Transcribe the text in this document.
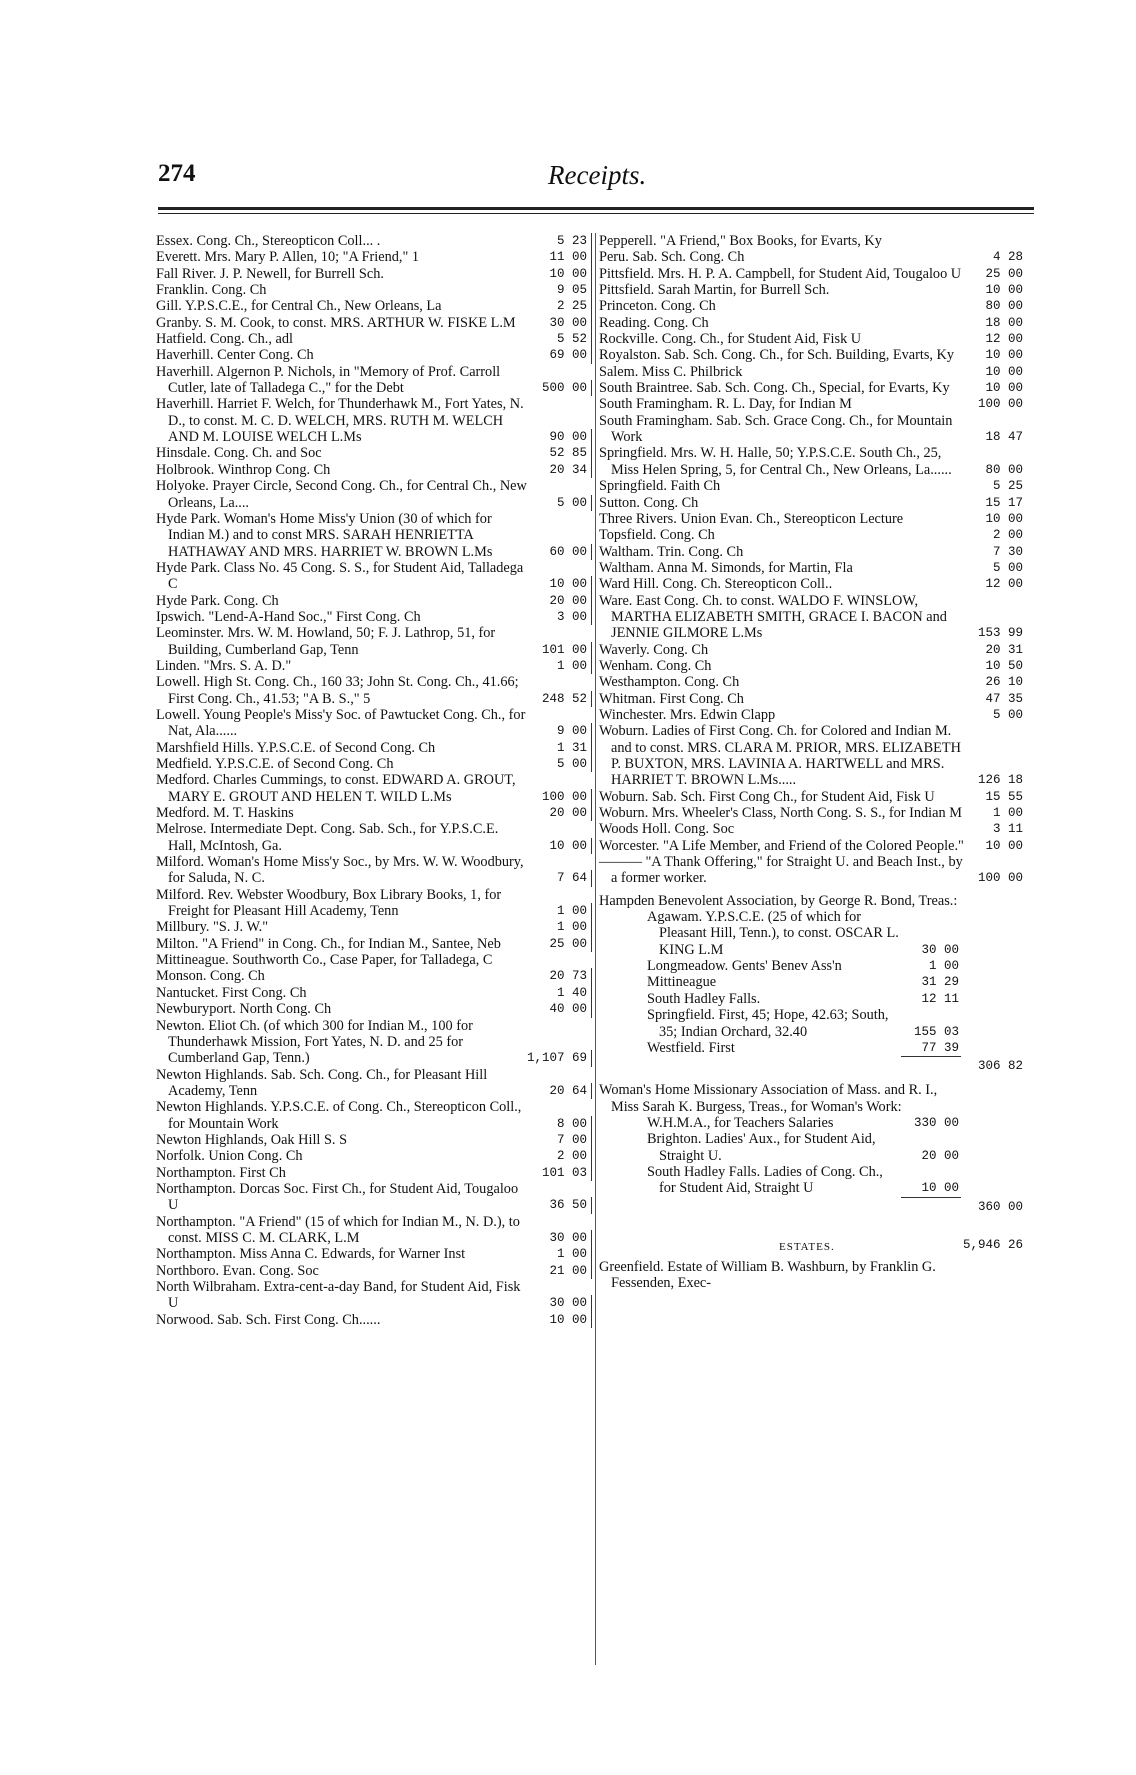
274	Receipts.
Essex. Cong. Ch., Stereopticon Coll... .	5 23
Everett. Mrs. Mary P. Allen, 10; "A Friend," 1	11 00
Fall River. J. P. Newell, for Burrell Sch.	10 00
Franklin. Cong. Ch	9 05
Gill. Y.P.S.C.E., for Central Ch., New Orleans, La	2 25
Granby. S. M. Cook, to const. MRS. ARTHUR W. FISKE L.M	30 00
Hatfield. Cong. Ch., adl	5 52
Haverhill. Center Cong. Ch	69 00
Haverhill. Algernon P. Nichols, in "Memory of Prof. Carroll Cutler, late of Talladega C.," for the Debt	500 00
Haverhill. Harriet F. Welch, for Thunderhawk M., Fort Yates, N. D., to const. M. C. D. WELCH, MRS. RUTH M. WELCH AND M. LOUISE WELCH L.Ms	90 00
Hinsdale. Cong. Ch. and Soc	52 85
Holbrook. Winthrop Cong. Ch	20 34
Holyoke. Prayer Circle, Second Cong. Ch., for Central Ch., New Orleans, La....	5 00
Hyde Park. Woman's Home Miss'y Union (30 of which for Indian M.) and to const MRS. SARAH HENRIETTA HATHAWAY AND MRS. HARRIET W. BROWN L.Ms	60 00
Hyde Park. Class No. 45 Cong. S. S., for Student Aid, Talladega C	10 00
Hyde Park. Cong. Ch	20 00
Ipswich. "Lend-A-Hand Soc.," First Cong. Ch	3 00
Leominster. Mrs. W. M. Howland, 50; F. J. Lathrop, 51, for Building, Cumberland Gap, Tenn	101 00
Linden. "Mrs. S. A. D."	1 00
Lowell. High St. Cong. Ch., 160 33; John St. Cong. Ch., 41.66; First Cong. Ch., 41.53; "A B. S.," 5	248 52
Lowell. Young People's Miss'y Soc. of Pawtucket Cong. Ch., for Nat, Ala......	9 00
Marshfield Hills. Y.P.S.C.E. of Second Cong. Ch	1 31
Medfield. Y.P.S.C.E. of Second Cong. Ch	5 00
Medford. Charles Cummings, to const. EDWARD A. GROUT, MARY E. GROUT AND HELEN T. WILD L.Ms	100 00
Medford. M. T. Haskins	20 00
Melrose. Intermediate Dept. Cong. Sab. Sch., for Y.P.S.C.E. Hall, McIntosh, Ga.	10 00
Milford. Woman's Home Miss'y Soc., by Mrs. W. W. Woodbury, for Saluda, N. C.	7 64
Milford. Rev. Webster Woodbury, Box Library Books, 1, for Freight for Pleasant Hill Academy, Tenn	1 00
Millbury. "S. J. W."	1 00
Milton. "A Friend" in Cong. Ch., for Indian M., Santee, Neb	25 00
Mittineague. Southworth Co., Case Paper, for Talladega, C
Monson. Cong. Ch	20 73
Nantucket. First Cong. Ch	1 40
Newburyport. North Cong. Ch	40 00
Newton. Eliot Ch. (of which 300 for Indian M., 100 for Thunderhawk Mission, Fort Yates, N. D. and 25 for Cumberland Gap, Tenn.)	1,107 69
Newton Highlands. Sab. Sch. Cong. Ch., for Pleasant Hill Academy, Tenn	20 64
Newton Highlands. Y.P.S.C.E. of Cong. Ch., Stereopticon Coll., for Mountain Work	8 00
Newton Highlands, Oak Hill S. S	7 00
Norfolk. Union Cong. Ch	2 00
Northampton. First Ch	101 03
Northampton. Dorcas Soc. First Ch., for Student Aid, Tougaloo U	36 50
Northampton. "A Friend" (15 of which for Indian M., N. D.), to const. MISS C. M. CLARK, L.M	30 00
Northampton. Miss Anna C. Edwards, for Warner Inst	1 00
Northboro. Evan. Cong. Soc	21 00
North Wilbraham. Extra-cent-a-day Band, for Student Aid, Fisk U	30 00
Norwood. Sab. Sch. First Cong. Ch......	10 00
Pepperell. "A Friend," Box Books, for Evarts, Ky
Peru. Sab. Sch. Cong. Ch	4 28
Pittsfield. Mrs. H. P. A. Campbell, for Student Aid, Tougaloo U	25 00
Pittsfield. Sarah Martin, for Burrell Sch.	10 00
Princeton. Cong. Ch	80 00
Reading. Cong. Ch	18 00
Rockville. Cong. Ch., for Student Aid, Fisk U	12 00
Royalston. Sab. Sch. Cong. Ch., for Sch. Building, Evarts, Ky	10 00
Salem. Miss C. Philbrick	10 00
South Braintree. Sab. Sch. Cong. Ch., Special, for Evarts, Ky	10 00
South Framingham. R. L. Day, for Indian M	100 00
South Framingham. Sab. Sch. Grace Cong. Ch., for Mountain Work	18 47
Springfield. Mrs. W. H. Halle, 50; Y.P.S.C.E. South Ch., 25, Miss Helen Spring, 5, for Central Ch., New Orleans, La......	80 00
Springfield. Faith Ch	5 25
Sutton. Cong. Ch	15 17
Three Rivers. Union Evan. Ch., Stereopticon Lecture	10 00
Topsfield. Cong. Ch	2 00
Waltham. Trin. Cong. Ch	7 30
Waltham. Anna M. Simonds, for Martin, Fla	5 00
Ward Hill. Cong. Ch. Stereopticon Coll..	12 00
Ware. East Cong. Ch. to const. WALDO F. WINSLOW, MARTHA ELIZABETH SMITH, GRACE I. BACON and JENNIE GILMORE L.Ms	153 99
Waverly. Cong. Ch	20 31
Wenham. Cong. Ch	10 50
Westhampton. Cong. Ch	26 10
Whitman. First Cong. Ch	47 35
Winchester. Mrs. Edwin Clapp	5 00
Woburn. Ladies of First Cong. Ch. for Colored and Indian M. and to const. MRS. CLARA M. PRIOR, MRS. ELIZABETH P. BUXTON, MRS. LAVINIA A. HARTWELL and MRS. HARRIET T. BROWN L.Ms.....	126 18
Woburn. Sab. Sch. First Cong Ch., for Student Aid, Fisk U	15 55
Woburn. Mrs. Wheeler's Class, North Cong. S. S., for Indian M	1 00
Woods Holl. Cong. Soc	3 11
Worcester. "A Life Member, and Friend of the Colored People." 10 00
——— "A Thank Offering," for Straight U. and Beach Inst., by a former worker.	100 00
Hampden Benevolent Association, by George R. Bond, Treas.:
Agawam. Y.P.S.C.E. (25 of which for Pleasant Hill, Tenn.), to const. OSCAR L. KING L.M	30 00
Longmeadow. Gents' Benev Ass'n	1 00
Mittineague	31 29
South Hadley Falls.	12 11
Springfield. First, 45; Hope, 42.63; South, 35; Indian Orchard, 32.40	155 03
Westfield. First	77 39
306 82
Woman's Home Missionary Association of Mass. and R. I., Miss Sarah K. Burgess, Treas., for Woman's Work:
W.H.M.A., for Teachers Salaries	330 00
Brighton. Ladies' Aux., for Student Aid, Straight U.	20 00
South Hadley Falls. Ladies of Cong. Ch., for Student Aid, Straight U	10 00
360 00
ESTATES.	5,946 26
Greenfield. Estate of William B. Washburn, by Franklin G. Fessenden, Exec-
